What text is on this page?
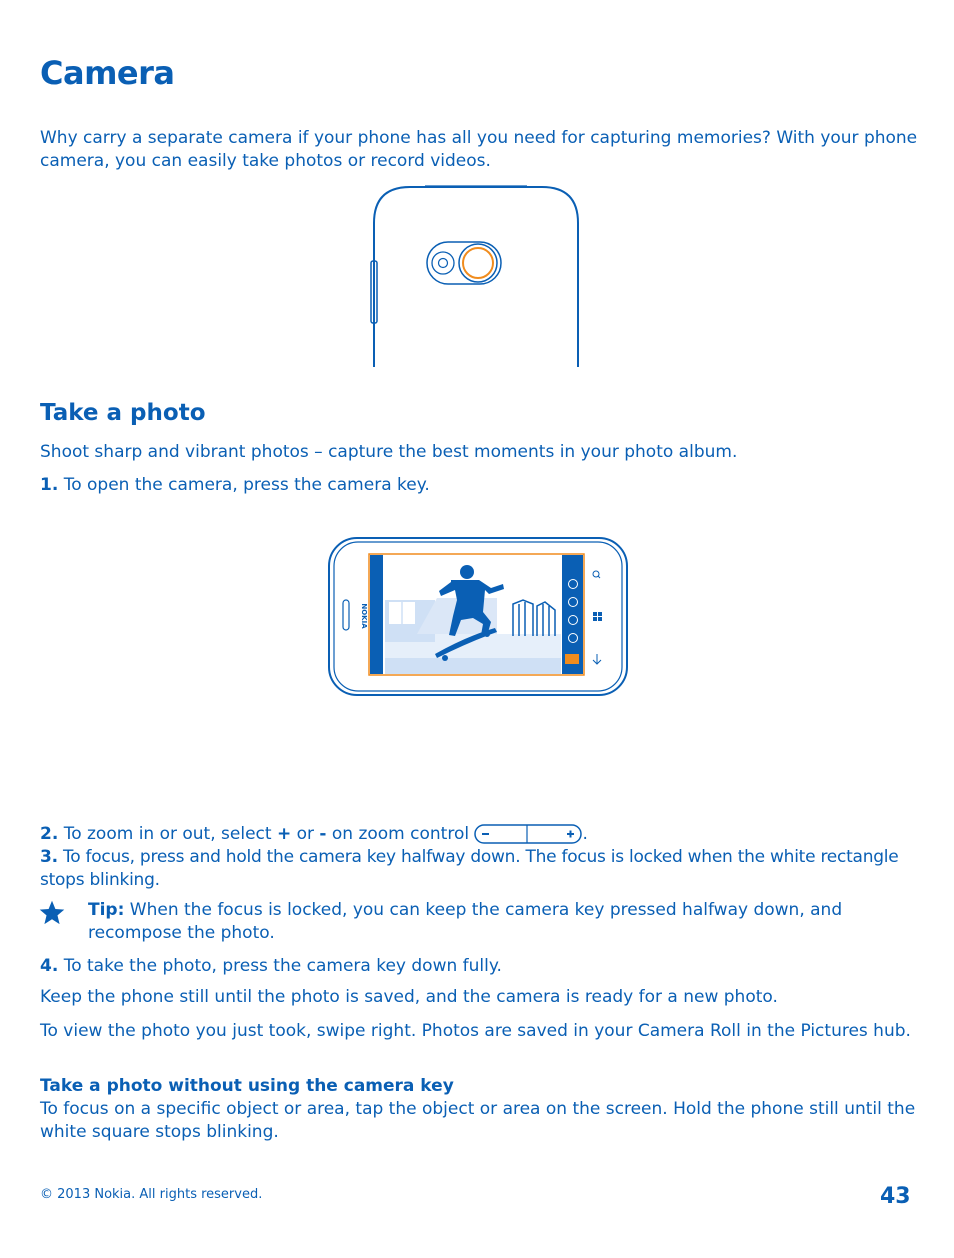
Camera

Why carry a separate camera if your phone has all you need for capturing memories? With your phone camera, you can easily take photos or record videos.

Take a photo

Shoot sharp and vibrant photos – capture the best moments in your photo album.

1. To open the camera, press the camera key.

NOKIA

2. To zoom in or out, select + or - on zoom control	.

3. To focus, press and hold the camera key halfway down. The focus is locked when the white rectangle stops blinking.

Tip: When the focus is locked, you can keep the camera key pressed halfway down, and recompose the photo.

4. To take the photo, press the camera key down fully.

Keep the phone still until the photo is saved, and the camera is ready for a new photo.

To view the photo you just took, swipe right. Photos are saved in your Camera Roll in the Pictures hub.

Take a photo without using the camera key

To focus on a specific object or area, tap the object or area on the screen. Hold the phone still until the white square stops blinking.

© 2013 Nokia. All rights reserved.	43
